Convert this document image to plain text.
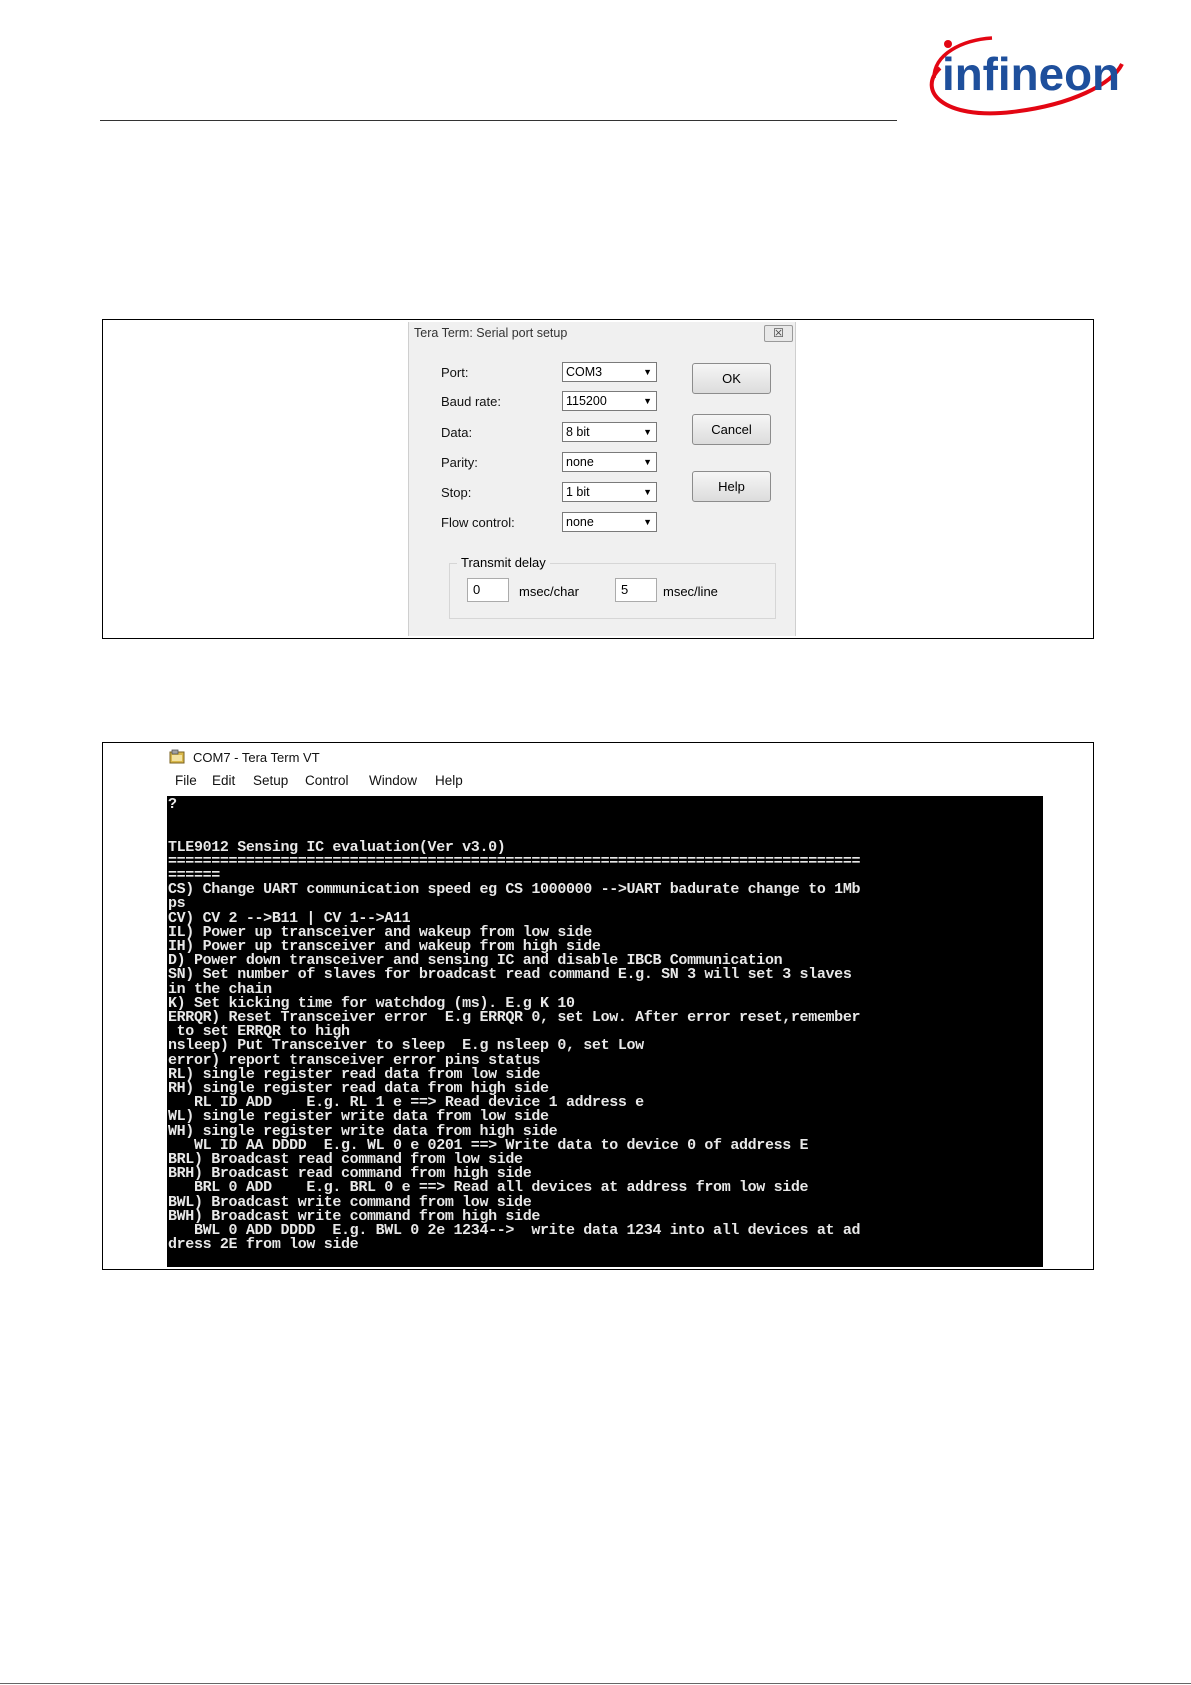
infineon
Tera Term: Serial port setup	☒
Port:	COM3	▼
Baud rate:	115200	▼
Data:	8 bit	▼
Parity:	none	▼
Stop:	1 bit	▼
Flow control:	none	▼
OK
Cancel
Help
Transmit delay
0	msec/char	5	msec/line
COM7 - Tera Term VT
File Edit Setup Control Window Help
?

TLE9012 Sensing IC evaluation(Ver v3.0)
================================================================================
======
CS) Change UART communication speed eg CS 1000000 -->UART badurate change to 1Mb
ps
CV) CV 2 -->B11 | CV 1-->A11
IL) Power up transceiver and wakeup from low side
IH) Power up transceiver and wakeup from high side
D) Power down transceiver and sensing IC and disable IBCB Communication
SN) Set number of slaves for broadcast read command E.g. SN 3 will set 3 slaves
in the chain
K) Set kicking time for watchdog (ms). E.g K 10
ERRQR) Reset Transceiver error  E.g ERRQR 0, set Low. After error reset,remember
to set ERRQR to high
nsleep) Put Transceiver to sleep  E.g nsleep 0, set Low
error) report transceiver error pins status
RL) single register read data from low side
RH) single register read data from high side
RL ID ADD    E.g. RL 1 e ==> Read device 1 address e
WL) single register write data from low side
WH) single register write data from high side
WL ID AA DDDD  E.g. WL 0 e 0201 ==> Write data to device 0 of address E
BRL) Broadcast read command from low side
BRH) Broadcast read command from high side
BRL 0 ADD    E.g. BRL 0 e ==> Read all devices at address from low side
BWL) Broadcast write command from low side
BWH) Broadcast write command from high side
BWL 0 ADD DDDD  E.g. BWL 0 2e 1234-->  write data 1234 into all devices at ad
dress 2E from low side
